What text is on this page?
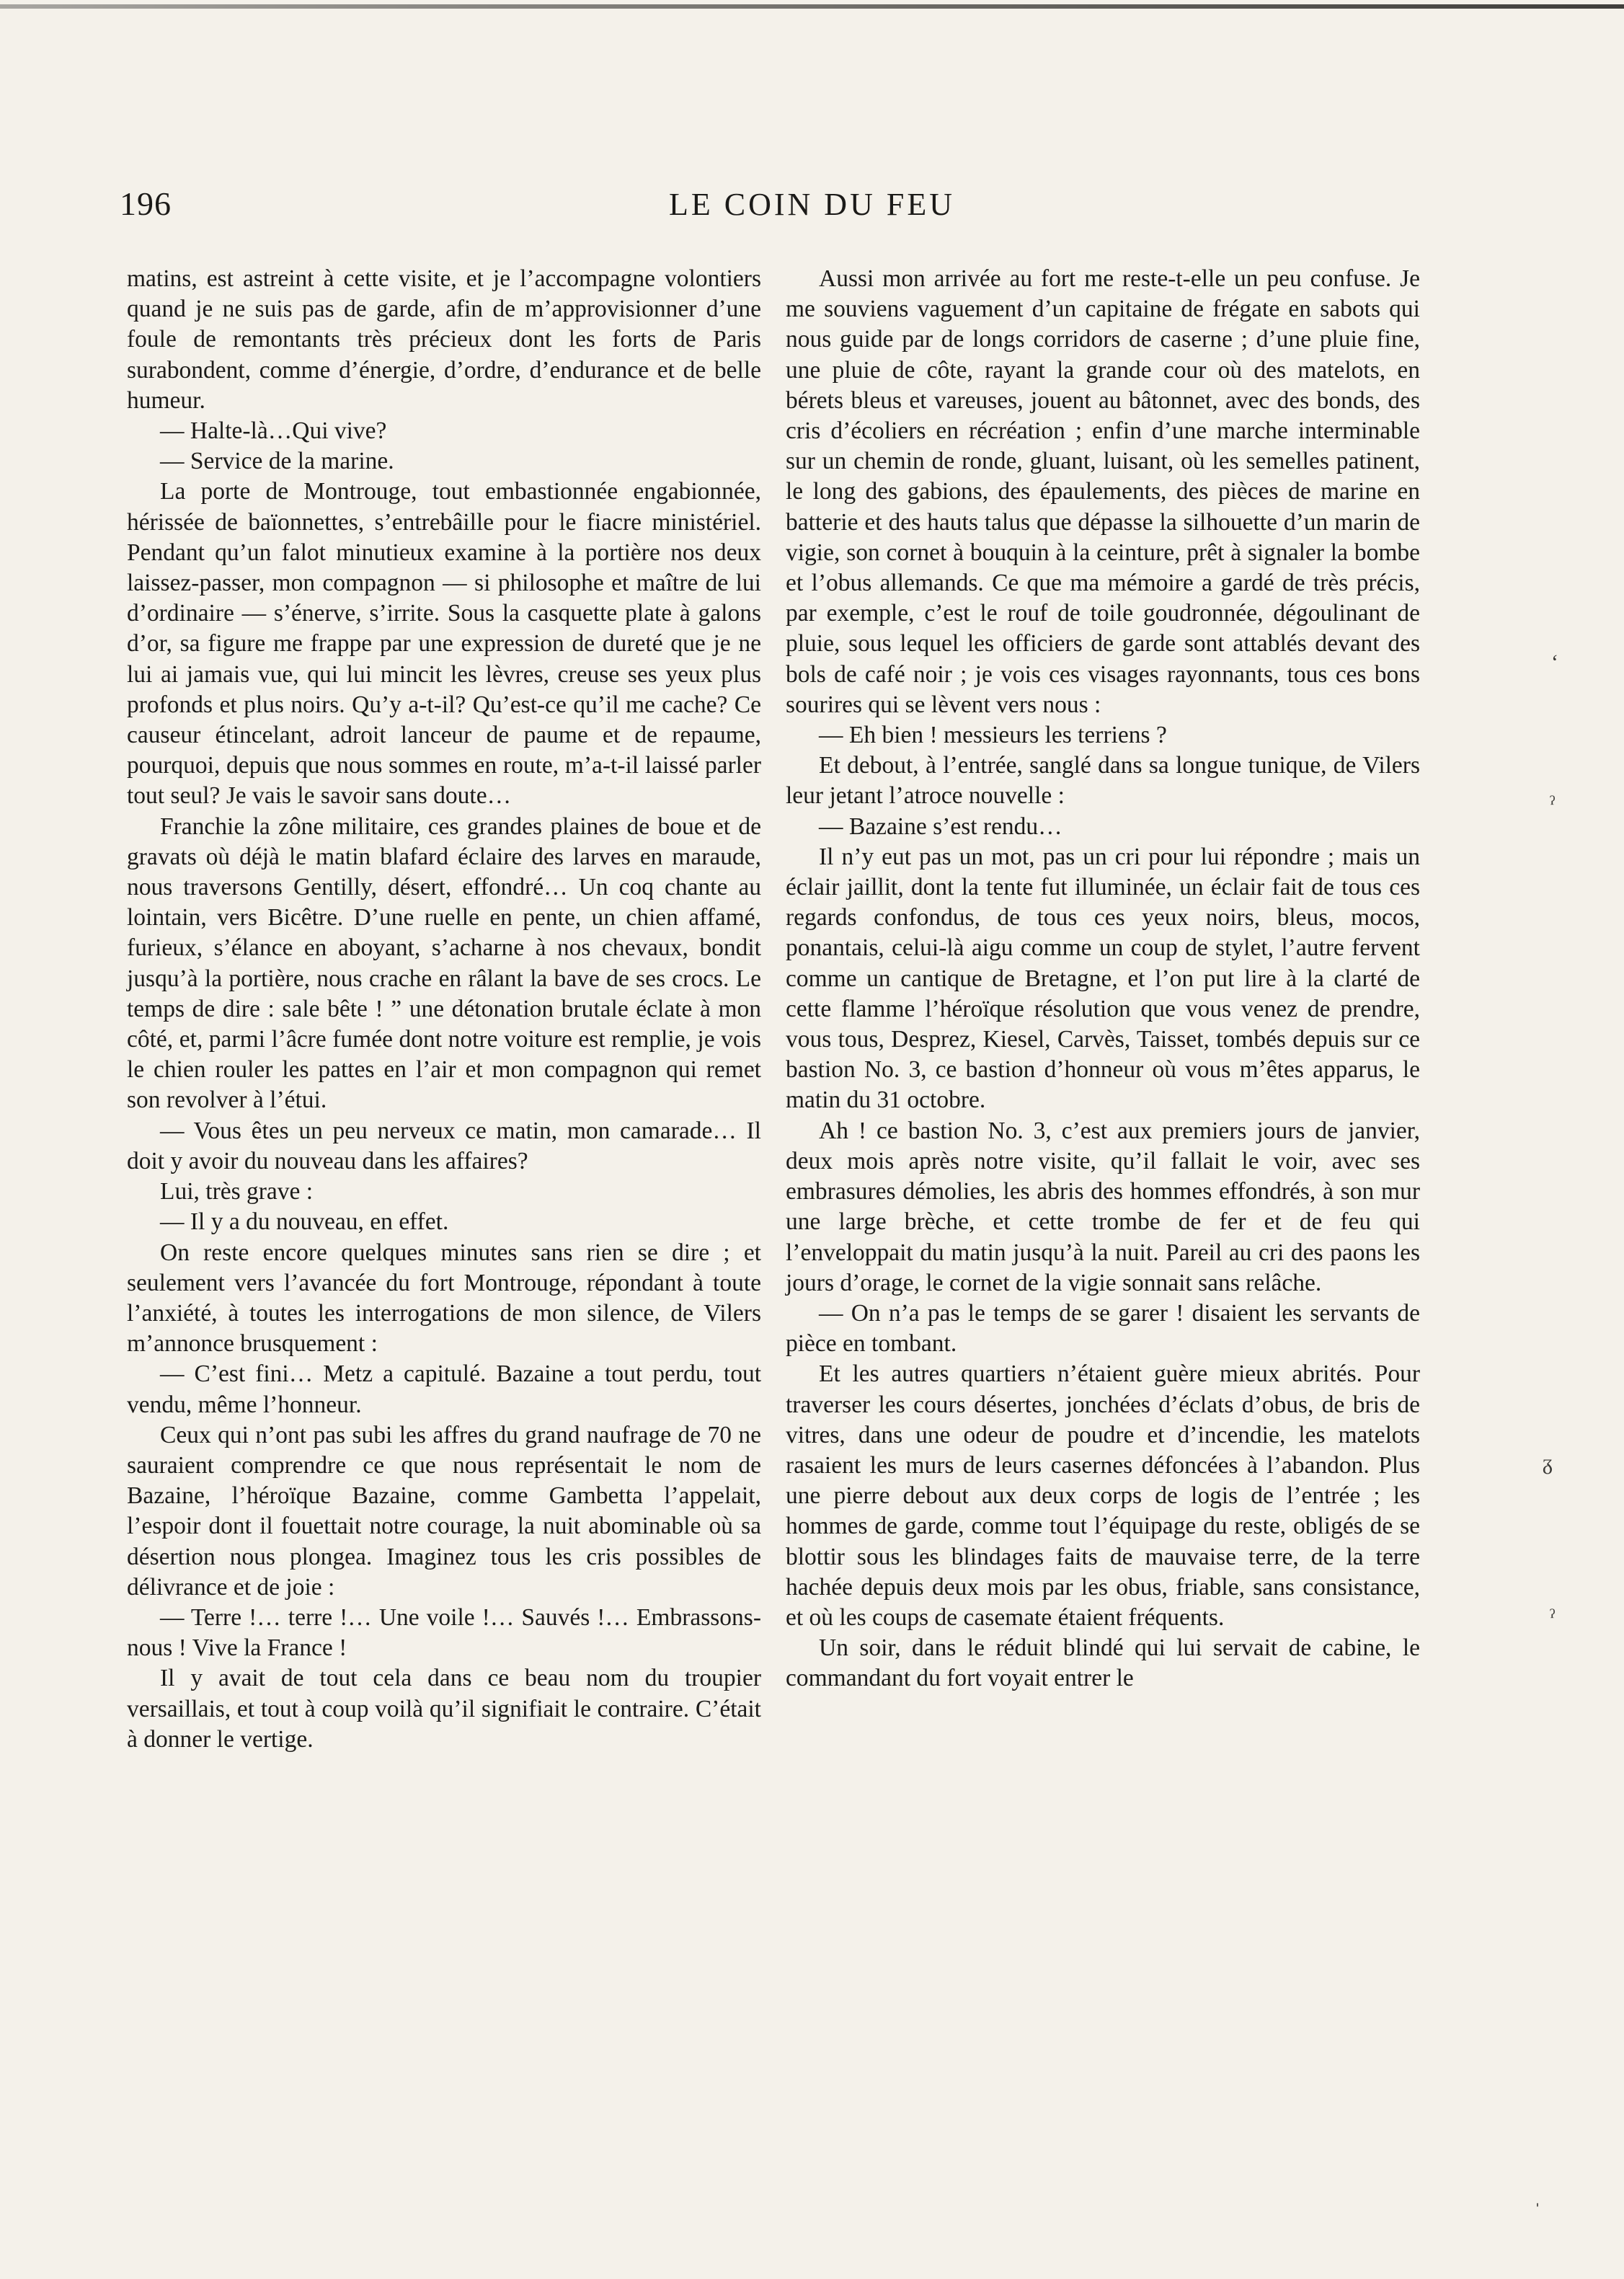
196	LE COIN DU FEU

matins, est astreint à cette visite, et je l’accompagne volontiers quand je ne suis pas de garde, afin de m’approvisionner d’une foule de remontants très précieux dont les forts de Paris surabondent, comme d’énergie, d’ordre, d’endurance et de belle humeur.

— Halte-là…Qui vive?

— Service de la marine.

La porte de Montrouge, tout embastionnée engabionnée, hérissée de baïonnettes, s’entrebâille pour le fiacre ministériel. Pendant qu’un falot minutieux examine à la portière nos deux laissez-passer, mon compagnon — si philosophe et maître de lui d’ordinaire — s’énerve, s’irrite. Sous la casquette plate à galons d’or, sa figure me frappe par une expression de dureté que je ne lui ai jamais vue, qui lui mincit les lèvres, creuse ses yeux plus profonds et plus noirs. Qu’y a-t-il? Qu’est-ce qu’il me cache? Ce causeur étincelant, adroit lanceur de paume et de repaume, pourquoi, depuis que nous sommes en route, m’a-t-il laissé parler tout seul? Je vais le savoir sans doute…

Franchie la zône militaire, ces grandes plaines de boue et de gravats où déjà le matin blafard éclaire des larves en maraude, nous traversons Gentilly, désert, effondré… Un coq chante au lointain, vers Bicêtre. D’une ruelle en pente, un chien affamé, furieux, s’élance en aboyant, s’acharne à nos chevaux, bondit jusqu’à la portière, nous crache en râlant la bave de ses crocs. Le temps de dire : sale bête ! ” une détonation brutale éclate à mon côté, et, parmi l’âcre fumée dont notre voiture est remplie, je vois le chien rouler les pattes en l’air et mon compagnon qui remet son revolver à l’étui.

— Vous êtes un peu nerveux ce matin, mon camarade… Il doit y avoir du nouveau dans les affaires?

Lui, très grave :

— Il y a du nouveau, en effet.

On reste encore quelques minutes sans rien se dire ; et seulement vers l’avancée du fort Montrouge, répondant à toute l’anxiété, à toutes les interrogations de mon silence, de Vilers m’annonce brusquement :

— C’est fini… Metz a capitulé. Bazaine a tout perdu, tout vendu, même l’honneur.

Ceux qui n’ont pas subi les affres du grand naufrage de 70 ne sauraient comprendre ce que nous représentait le nom de Bazaine, l’héroïque Bazaine, comme Gambetta l’appelait, l’espoir dont il fouettait notre courage, la nuit abominable où sa désertion nous plongea. Imaginez tous les cris possibles de délivrance et de joie :

— Terre !… terre !… Une voile !… Sauvés !… Embrassons-nous ! Vive la France !

Il y avait de tout cela dans ce beau nom du troupier versaillais, et tout à coup voilà qu’il signifiait le contraire. C’était à donner le vertige.

Aussi mon arrivée au fort me reste-t-elle un peu confuse. Je me souviens vaguement d’un capitaine de frégate en sabots qui nous guide par de longs corridors de caserne ; d’une pluie fine, une pluie de côte, rayant la grande cour où des matelots, en bérets bleus et vareuses, jouent au bâtonnet, avec des bonds, des cris d’écoliers en récréation ; enfin d’une marche interminable sur un chemin de ronde, gluant, luisant, où les semelles patinent, le long des gabions, des épaulements, des pièces de marine en batterie et des hauts talus que dépasse la silhouette d’un marin de vigie, son cornet à bouquin à la ceinture, prêt à signaler la bombe et l’obus allemands. Ce que ma mémoire a gardé de très précis, par exemple, c’est le rouf de toile goudronnée, dégoulinant de pluie, sous lequel les officiers de garde sont attablés devant des bols de café noir ; je vois ces visages rayonnants, tous ces bons sourires qui se lèvent vers nous :

— Eh bien ! messieurs les terriens ?

Et debout, à l’entrée, sanglé dans sa longue tunique, de Vilers leur jetant l’atroce nouvelle :

— Bazaine s’est rendu…

Il n’y eut pas un mot, pas un cri pour lui répondre ; mais un éclair jaillit, dont la tente fut illuminée, un éclair fait de tous ces regards confondus, de tous ces yeux noirs, bleus, mocos, ponantais, celui-là aigu comme un coup de stylet, l’autre fervent comme un cantique de Bretagne, et l’on put lire à la clarté de cette flamme l’héroïque résolution que vous venez de prendre, vous tous, Desprez, Kiesel, Carvès, Taisset, tombés depuis sur ce bastion No. 3, ce bastion d’honneur où vous m’êtes apparus, le matin du 31 octobre.

Ah ! ce bastion No. 3, c’est aux premiers jours de janvier, deux mois après notre visite, qu’il fallait le voir, avec ses embrasures démolies, les abris des hommes effondrés, à son mur une large brèche, et cette trombe de fer et de feu qui l’enveloppait du matin jusqu’à la nuit. Pareil au cri des paons les jours d’orage, le cornet de la vigie sonnait sans relâche.

— On n’a pas le temps de se garer ! disaient les servants de pièce en tombant.

Et les autres quartiers n’étaient guère mieux abrités. Pour traverser les cours désertes, jonchées d’éclats d’obus, de bris de vitres, dans une odeur de poudre et d’incendie, les matelots rasaient les murs de leurs casernes défoncées à l’abandon. Plus une pierre debout aux deux corps de logis de l’entrée ; les hommes de garde, comme tout l’équipage du reste, obligés de se blottir sous les blindages faits de mauvaise terre, de la terre hachée depuis deux mois par les obus, friable, sans consistance, et où les coups de casemate étaient fréquents.

Un soir, dans le réduit blindé qui lui servait de cabine, le commandant du fort voyait entrer le

ʻ
ˀ
ᵹ
ˀ
ˌ
